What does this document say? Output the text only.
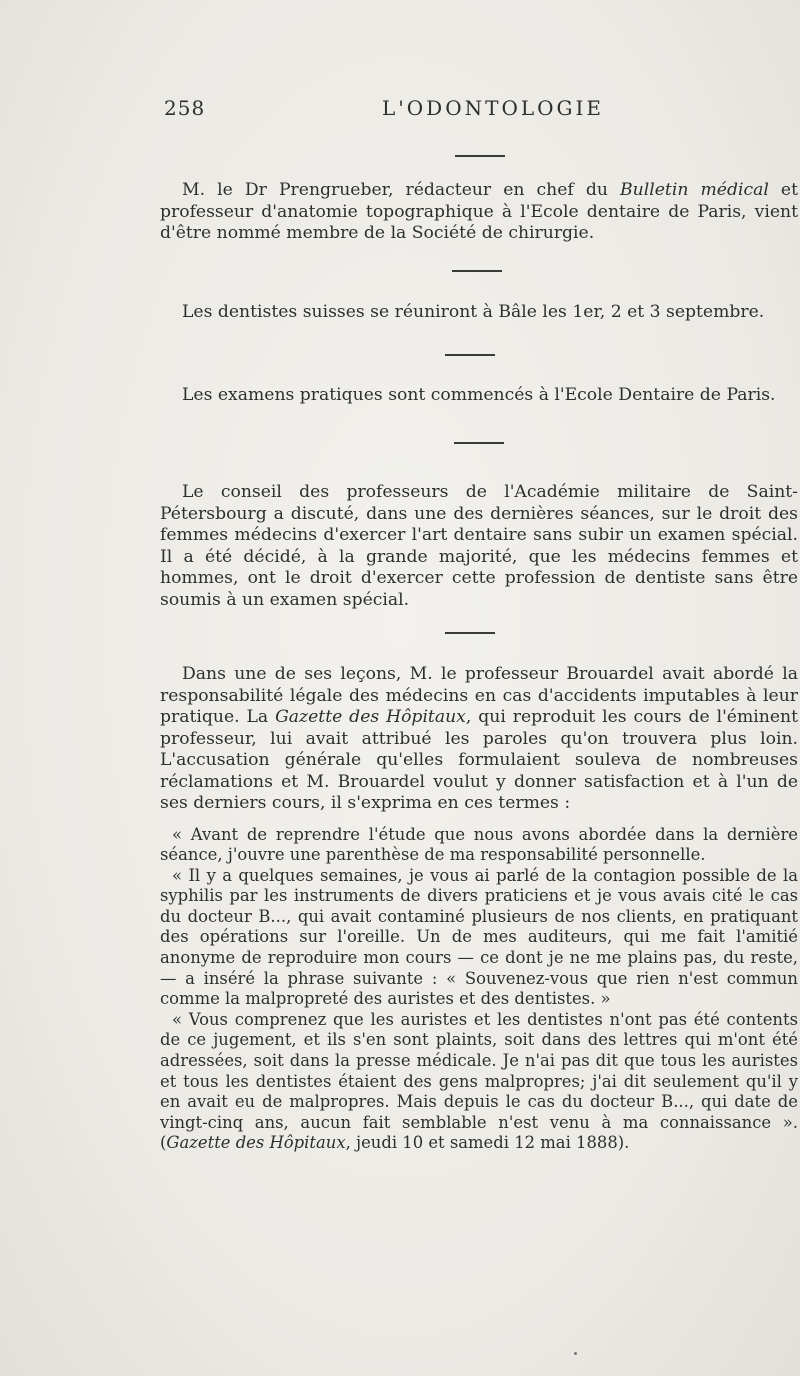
258	L'ODONTOLOGIE

M. le Dr Prengrueber, rédacteur en chef du Bulletin médical et professeur d'anatomie topographique à l'Ecole dentaire de Paris, vient d'être nommé membre de la Société de chirurgie.

Les dentistes suisses se réuniront à Bâle les 1er, 2 et 3 septembre.

Les examens pratiques sont commencés à l'Ecole Dentaire de Paris.

Le conseil des professeurs de l'Académie militaire de Saint-Pétersbourg a discuté, dans une des dernières séances, sur le droit des femmes médecins d'exercer l'art dentaire sans subir un examen spécial. Il a été décidé, à la grande majorité, que les médecins femmes et hommes, ont le droit d'exercer cette profession de dentiste sans être soumis à un examen spécial.

Dans une de ses leçons, M. le professeur Brouardel avait abordé la responsabilité légale des médecins en cas d'accidents imputables à leur pratique. La Gazette des Hôpitaux, qui reproduit les cours de l'éminent professeur, lui avait attribué les paroles qu'on trouvera plus loin. L'accusation générale qu'elles formulaient souleva de nombreuses réclamations et M. Brouardel voulut y donner satisfaction et à l'un de ses derniers cours, il s'exprima en ces termes :

« Avant de reprendre l'étude que nous avons abordée dans la dernière séance, j'ouvre une parenthèse de ma responsabilité personnelle.

« Il y a quelques semaines, je vous ai parlé de la contagion possible de la syphilis par les instruments de divers praticiens et je vous avais cité le cas du docteur B..., qui avait contaminé plusieurs de nos clients, en pratiquant des opérations sur l'oreille. Un de mes auditeurs, qui me fait l'amitié anonyme de reproduire mon cours — ce dont je ne me plains pas, du reste, — a inséré la phrase suivante : « Souvenez-vous que rien n'est commun comme la malpropreté des auristes et des dentistes. »

« Vous comprenez que les auristes et les dentistes n'ont pas été contents de ce jugement, et ils s'en sont plaints, soit dans des lettres qui m'ont été adressées, soit dans la presse médicale. Je n'ai pas dit que tous les auristes et tous les dentistes étaient des gens malpropres; j'ai dit seulement qu'il y en avait eu de malpropres. Mais depuis le cas du docteur B..., qui date de vingt-cinq ans, aucun fait semblable n'est venu à ma connaissance ». (Gazette des Hôpitaux, jeudi 10 et samedi 12 mai 1888).
